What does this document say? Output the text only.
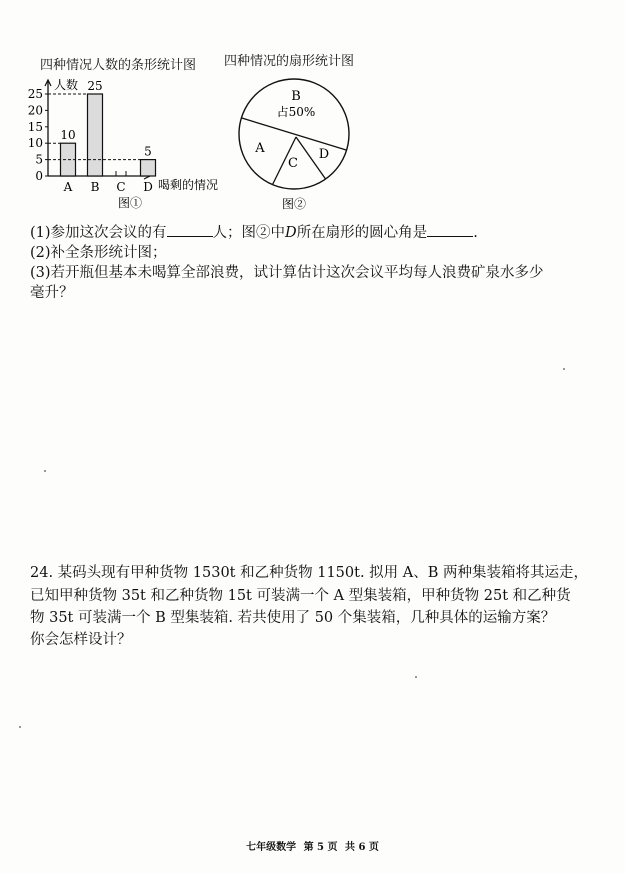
四种情况人数的条形统计图 四种情况的扇形统计图
人数
喝剩的情况
0
5
10
15
20
25
10
A
25
B C
5
D
图①
A
B
占50%
C
D
图②
(1)参加这次会议的有	人；图②中D所在扇形的圆心角是	.
(2)补全条形统计图；
(3)若开瓶但基本未喝算全部浪费，试计算估计这次会议平均每人浪费矿泉水多少
毫升？
24. 某码头现有甲种货物 1530t 和乙种货物 1150t. 拟用 A、B 两种集装箱将其运走，
已知甲种货物 35t 和乙种货物 15t 可装满一个 A 型集装箱，甲种货物 25t 和乙种货
物 35t 可装满一个 B 型集装箱. 若共使用了 50 个集装箱，几种具体的运输方案？
你会怎样设计？
七年级数学 第 5 页 共 6 页
